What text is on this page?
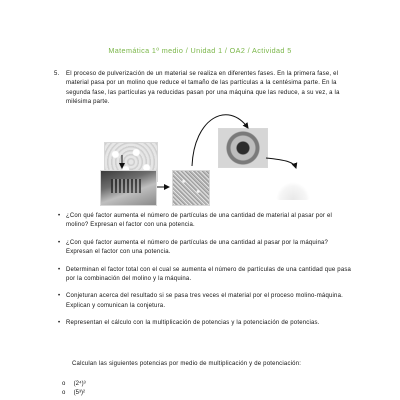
Matemática 1º medio / Unidad 1 / OA2 / Actividad 5
5. El proceso de pulverización de un material se realiza en diferentes fases. En la primera fase, el material pasa por un molino que reduce el tamaño de las partículas a la centésima parte. En la segunda fase, las partículas ya reducidas pasan por una máquina que las reduce, a su vez, a la milésima parte.
• ¿Con qué factor aumenta el número de partículas de una cantidad de material al pasar por el molino? Expresan el factor con una potencia.
• ¿Con qué factor aumenta el número de partículas de una cantidad al pasar por la máquina? Expresan el factor con una potencia.
• Determinan el factor total con el cual se aumenta el número de partículas de una cantidad que pasa por la combinación del molino y la máquina.
• Conjeturan acerca del resultado si se pasa tres veces el material por el proceso molino-máquina. Explican y comunican la conjetura.
• Representan el cálculo con la multiplicación de potencias y la potenciación de potencias.
Calculan las siguientes potencias por medio de multiplicación y de potenciación:
o (2⁴)³
o (5³)²
